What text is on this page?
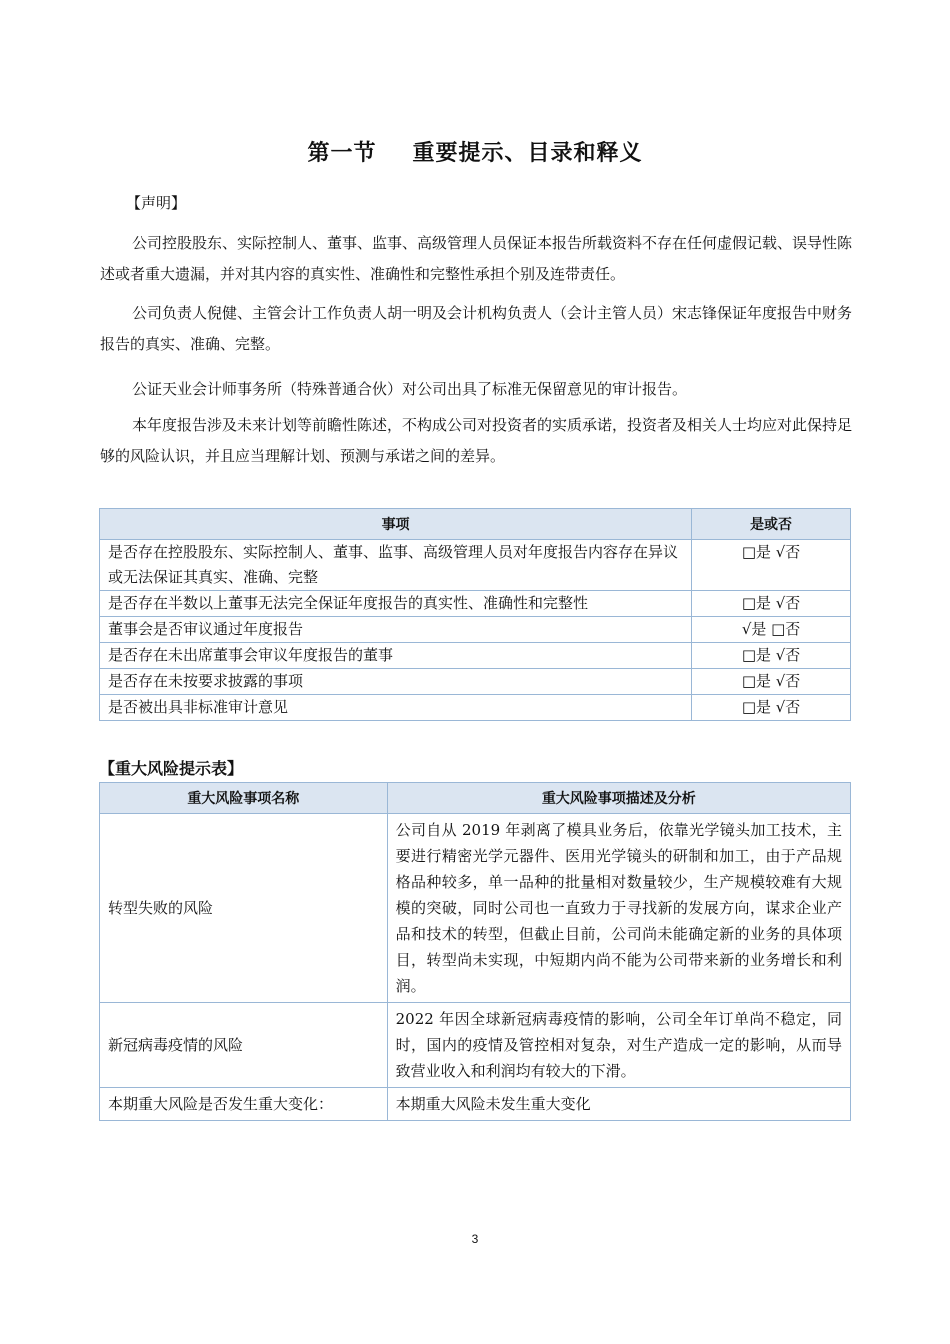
第一节 重要提示、目录和释义
【声明】
公司控股股东、实际控制人、董事、监事、高级管理人员保证本报告所载资料不存在任何虚假记载、误导性陈述或者重大遗漏，并对其内容的真实性、准确性和完整性承担个别及连带责任。
公司负责人倪健、主管会计工作负责人胡一明及会计机构负责人（会计主管人员）宋志锋保证年度报告中财务报告的真实、准确、完整。
公证天业会计师事务所（特殊普通合伙）对公司出具了标准无保留意见的审计报告。
本年度报告涉及未来计划等前瞻性陈述，不构成公司对投资者的实质承诺，投资者及相关人士均应对此保持足够的风险认识，并且应当理解计划、预测与承诺之间的差异。
事项	是或否
是否存在控股股东、实际控制人、董事、监事、高级管理人员对年度报告内容存在异议或无法保证其真实、准确、完整	□是 √否
是否存在半数以上董事无法完全保证年度报告的真实性、准确性和完整性	□是 √否
董事会是否审议通过年度报告	√是 □否
是否存在未出席董事会审议年度报告的董事	□是 √否
是否存在未按要求披露的事项	□是 √否
是否被出具非标准审计意见	□是 √否
【重大风险提示表】
重大风险事项名称	重大风险事项描述及分析
转型失败的风险	公司自从 2019 年剥离了模具业务后，依靠光学镜头加工技术，主要进行精密光学元器件、医用光学镜头的研制和加工，由于产品规格品种较多，单一品种的批量相对数量较少，生产规模较难有大规模的突破，同时公司也一直致力于寻找新的发展方向，谋求企业产品和技术的转型，但截止目前，公司尚未能确定新的业务的具体项目，转型尚未实现，中短期内尚不能为公司带来新的业务增长和利润。
新冠病毒疫情的风险	2022 年因全球新冠病毒疫情的影响，公司全年订单尚不稳定，同时，国内的疫情及管控相对复杂，对生产造成一定的影响，从而导致营业收入和利润均有较大的下滑。
本期重大风险是否发生重大变化：	本期重大风险未发生重大变化
3
